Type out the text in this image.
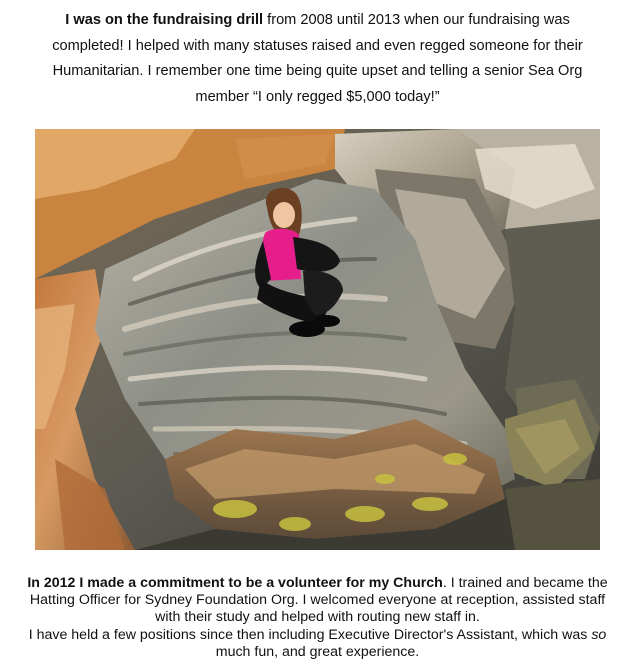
I was on the fundraising drill from 2008 until 2013 when our fundraising was completed! I helped with many statuses raised and even regged someone for their Humanitarian. I remember one time being quite upset and telling a senior Sea Org member “I only regged $5,000 today!”

In 2012 I made a commitment to be a volunteer for my Church. I trained and became the Hatting Officer for Sydney Foundation Org. I welcomed everyone at reception, assisted staff with their study and helped with routing new staff in.
I have held a few positions since then including Executive Director's Assistant, which was so much fun, and great experience.
